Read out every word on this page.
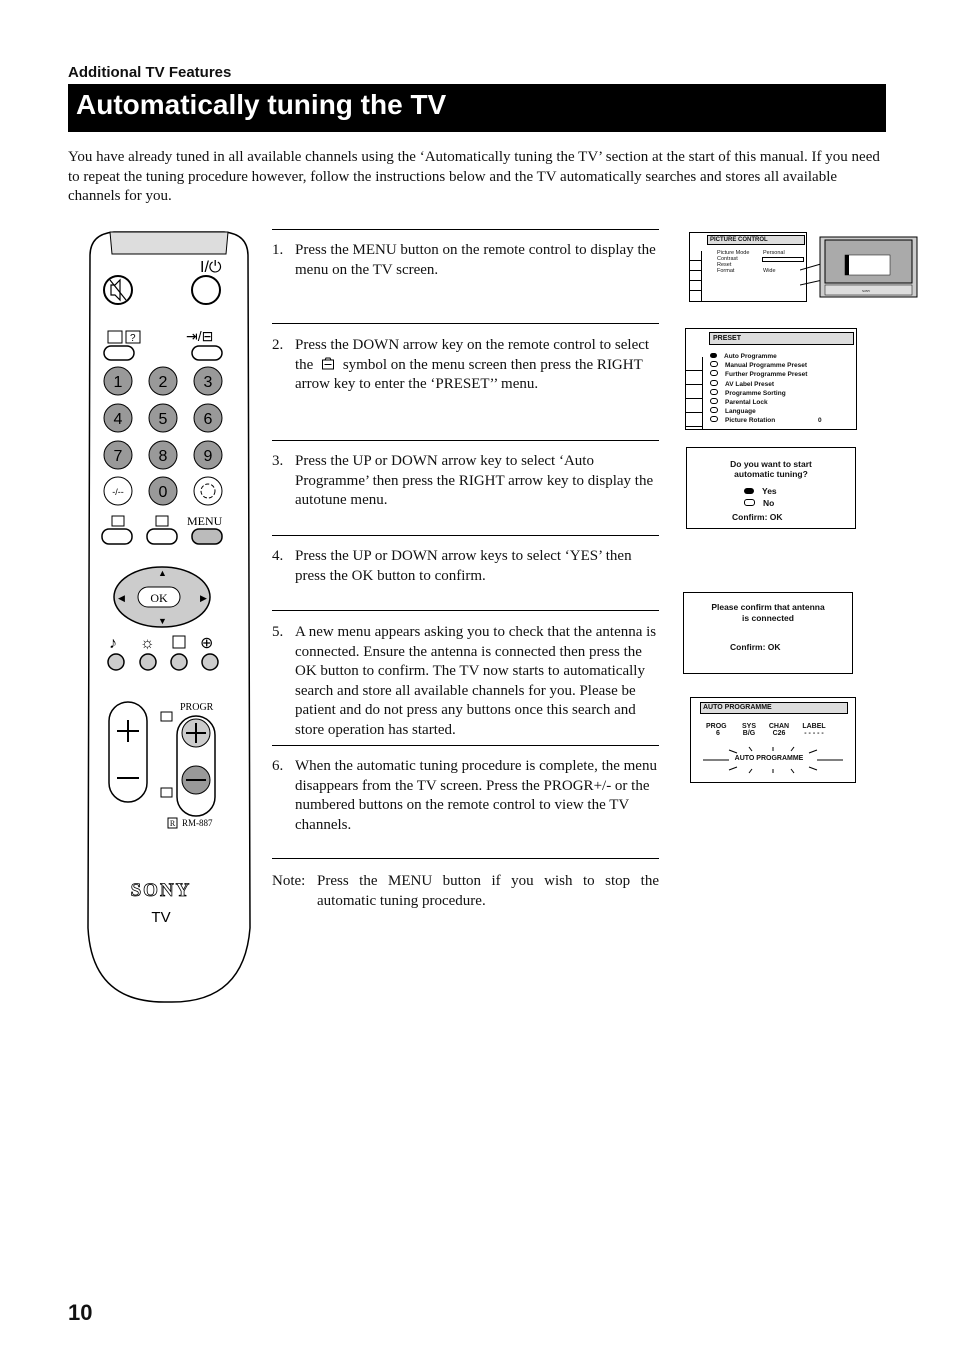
Additional TV Features
Automatically tuning the TV
You have already tuned in all available channels using the ‘Automatically tuning the TV’ section at the start of this manual. If you need to repeat the tuning procedure however, follow the instructions below and the TV automatically searches and stores all available channels for you.
I/⏻
?	⇥/⊟
1 2 3
4 5 6
7 8 9
-/-- 0
MENU
OK
▲
▼
◀	▶
♪ ☼	⊕
PROGR
R RM-887
SONY
TV
1. Press the MENU button on the remote control to display the menu on the TV screen.
2. Press the DOWN arrow key on the remote control to select the symbol on the menu screen then press the RIGHT arrow key to enter the ‘PRESET’’ menu.
3. Press the UP or DOWN arrow key to select ‘Auto Programme’ then press the RIGHT arrow key to display the autotune menu.
4. Press the UP or DOWN arrow keys to select ‘YES’ then press the OK button to confirm.
5. A new menu appears asking you to check that the antenna is connected. Ensure the antenna is connected then press the OK button to confirm. The TV now starts to automatically search and store all available channels for you. Please be patient and do not press any buttons once this search and store operation has started.
6. When the automatic tuning procedure is complete, the menu disappears from the TV screen. Press the PROGR+/- or the numbered buttons on the remote control to view the TV channels.
Note: Press the MENU button if you wish to stop the automatic tuning procedure.
PICTURE CONTROL
Picture Mode Personal
Contrast
Reset
Format	Wide
SONY
PRESET
Auto Programme
Manual Programme Preset
Further Programme Preset
AV Label Preset
Programme Sorting
Parental Lock
Language
Picture Rotation	0
Do you want to start automatic tuning?
Yes
No
Confirm: OK
Please confirm that antenna is connected
Confirm: OK
AUTO PROGRAMME
PROG
6
SYS
B/G
CHAN
C26
LABEL
- - - - -
AUTO PROGRAMME
10
